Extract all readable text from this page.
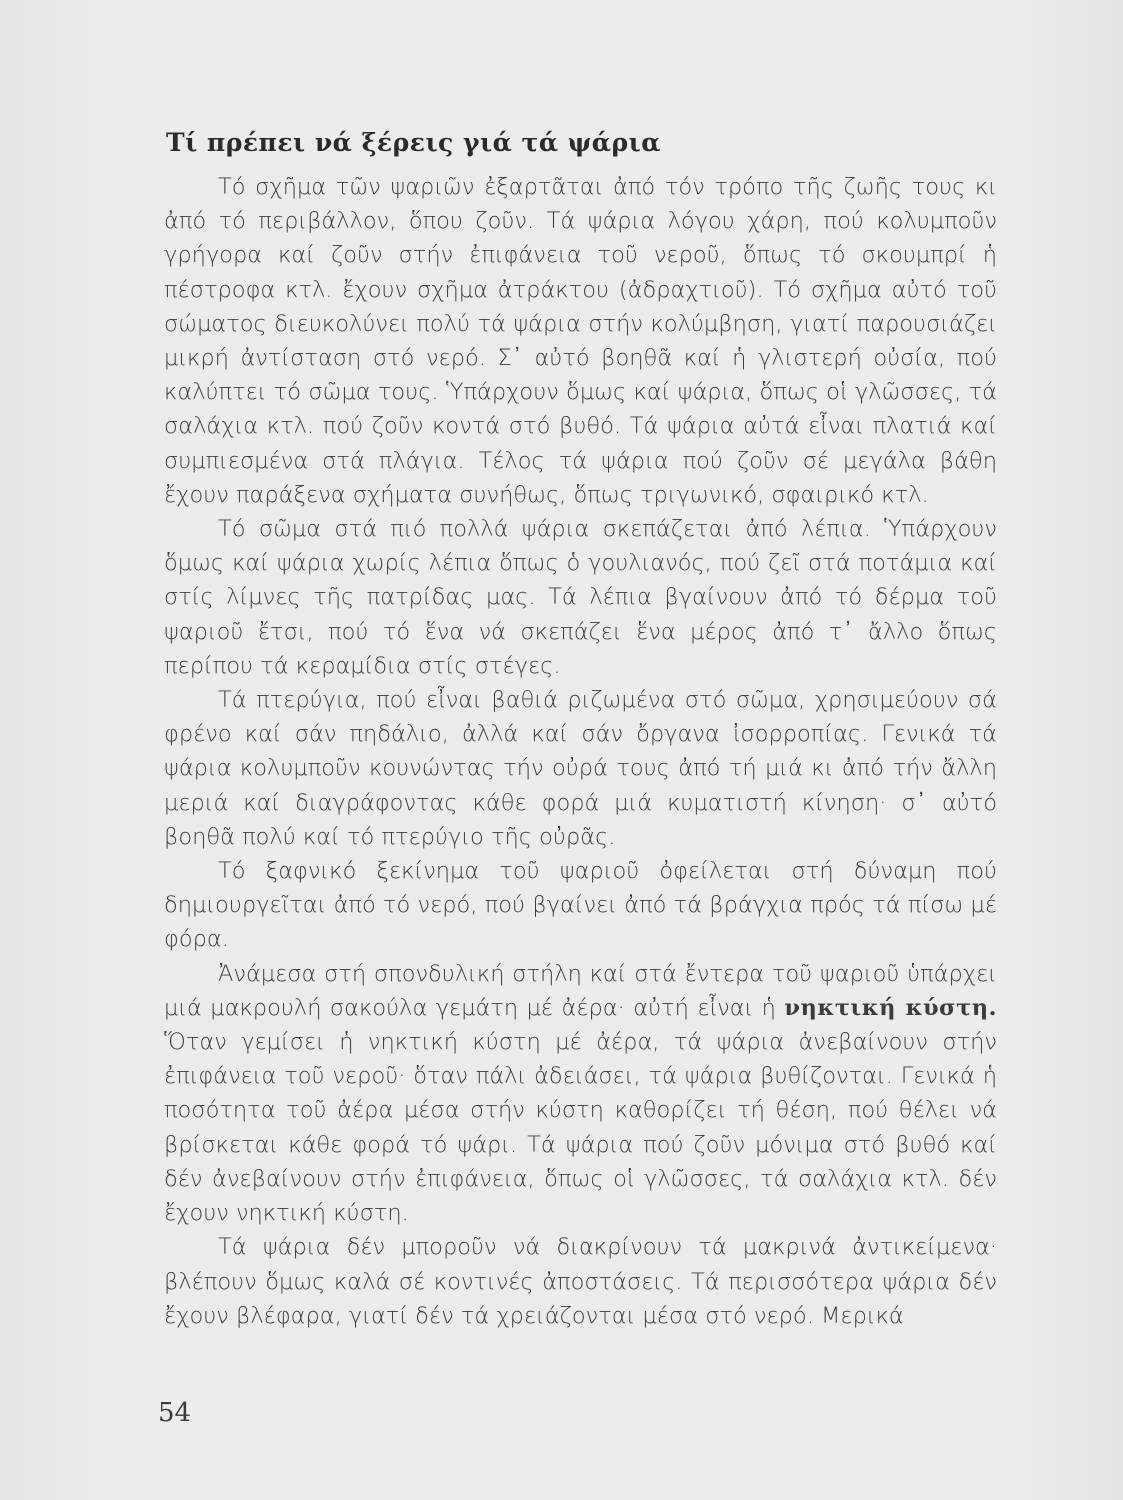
Τί πρέπει νά ξέρεις γιά τά ψάρια

Τό σχῆμα τῶν ψαριῶν ἐξαρτᾶται ἀπό τόν τρόπο τῆς ζωῆς τους κι ἀπό τό περιβάλλον, ὅπου ζοῦν. Τά ψάρια λόγου χάρη, πού κολυμποῦν γρήγορα καί ζοῦν στήν ἐπιφάνεια τοῦ νεροῦ, ὅπως τό σκουμπρί ἡ πέστροφα κτλ. ἔχουν σχῆμα ἀτράκτου (ἀδραχτιοῦ). Τό σχῆμα αὐτό τοῦ σώματος διευκολύνει πολύ τά ψάρια στήν κολύμβηση, γιατί παρουσιάζει μικρή ἀντίσταση στό νερό. Σ᾽ αὐτό βοηθᾶ καί ἡ γλιστερή οὐσία, πού καλύπτει τό σῶμα τους. Ὑπάρχουν ὅμως καί ψάρια, ὅπως οἱ γλῶσσες, τά σαλάχια κτλ. πού ζοῦν κοντά στό βυθό. Τά ψάρια αὐτά εἶναι πλατιά καί συμπιεσμένα στά πλάγια. Τέλος τά ψάρια πού ζοῦν σέ μεγάλα βάθη ἔχουν παράξενα σχήματα συνήθως, ὅπως τριγωνικό, σφαιρικό κτλ.

Τό σῶμα στά πιό πολλά ψάρια σκεπάζεται ἀπό λέπια. Ὑπάρχουν ὅμως καί ψάρια χωρίς λέπια ὅπως ὁ γουλιανός, πού ζεῖ στά ποτάμια καί στίς λίμνες τῆς πατρίδας μας. Τά λέπια βγαίνουν ἀπό τό δέρμα τοῦ ψαριοῦ ἔτσι, πού τό ἕνα νά σκεπάζει ἕνα μέρος ἀπό τ᾽ ἄλλο ὅπως περίπου τά κεραμίδια στίς στέγες.

Τά πτερύγια, πού εἶναι βαθιά ριζωμένα στό σῶμα, χρησιμεύουν σά φρένο καί σάν πηδάλιο, ἀλλά καί σάν ὄργανα ἰσορροπίας. Γενικά τά ψάρια κολυμποῦν κουνώντας τήν οὐρά τους ἀπό τή μιά κι ἀπό τήν ἄλλη μεριά καί διαγράφοντας κάθε φορά μιά κυματιστή κίνηση· σ᾽ αὐτό βοηθᾶ πολύ καί τό πτερύγιο τῆς οὐρᾶς.

Τό ξαφνικό ξεκίνημα τοῦ ψαριοῦ ὀφείλεται στή δύναμη πού δημιουργεῖται ἀπό τό νερό, πού βγαίνει ἀπό τά βράγχια πρός τά πίσω μέ φόρα.

Ἀνάμεσα στή σπονδυλική στήλη καί στά ἔντερα τοῦ ψαριοῦ ὑπάρχει μιά μακρουλή σακούλα γεμάτη μέ ἀέρα· αὐτή εἶναι ἡ νηκτική κύστη. Ὅταν γεμίσει ἡ νηκτική κύστη μέ ἀέρα, τά ψάρια ἀνεβαίνουν στήν ἐπιφάνεια τοῦ νεροῦ· ὅταν πάλι ἀδειάσει, τά ψάρια βυθίζονται. Γενικά ἡ ποσότητα τοῦ ἀέρα μέσα στήν κύστη καθορίζει τή θέση, πού θέλει νά βρίσκεται κάθε φορά τό ψάρι. Τά ψάρια πού ζοῦν μόνιμα στό βυθό καί δέν ἀνεβαίνουν στήν ἐπιφάνεια, ὅπως οἱ γλῶσσες, τά σαλάχια κτλ. δέν ἔχουν νηκτική κύστη.

Τά ψάρια δέν μποροῦν νά διακρίνουν τά μακρινά ἀντικείμενα· βλέπουν ὅμως καλά σέ κοντινές ἀποστάσεις. Τά περισσότερα ψάρια δέν ἔχουν βλέφαρα, γιατί δέν τά χρειάζονται μέσα στό νερό. Μερικά

54
